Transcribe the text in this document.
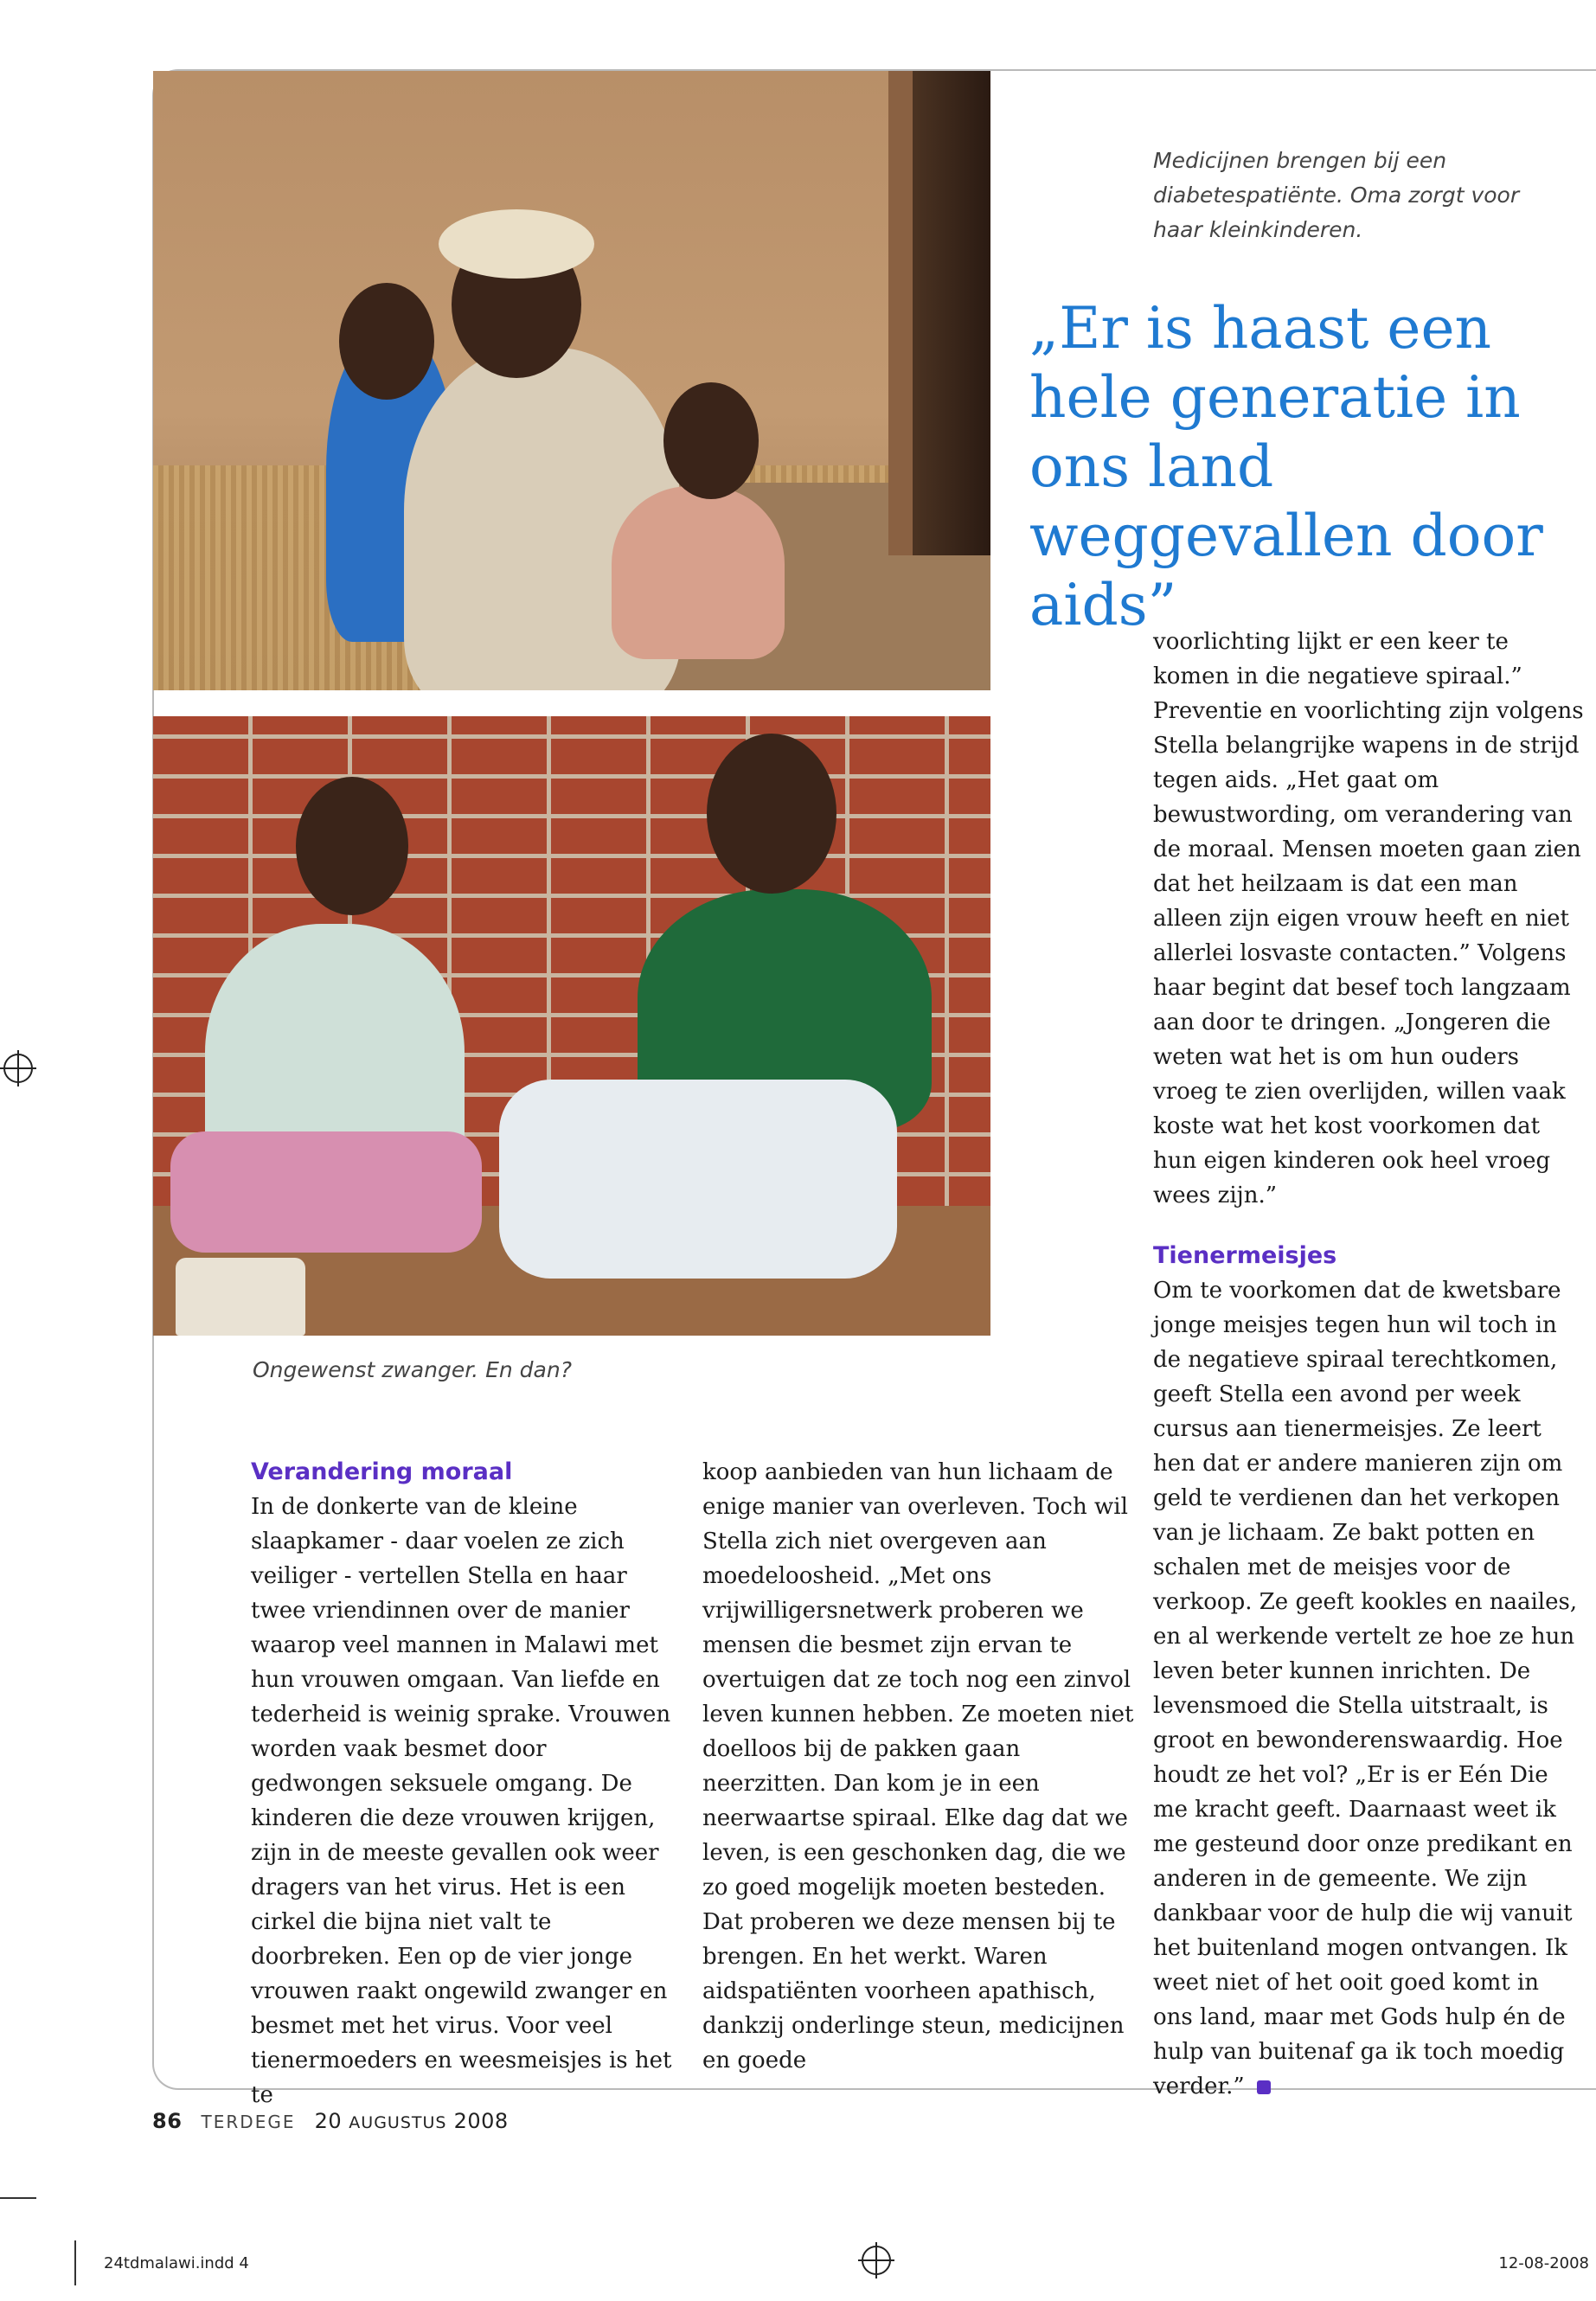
Medicijnen brengen bij een diabetespatiënte. Oma zorgt voor haar kleinkinderen.
Ongewenst zwanger. En dan?
„Er is haast een hele generatie in ons land weggevallen door aids”
Verandering moraal

In de donkerte van de kleine slaapkamer - daar voelen ze zich veiliger - vertellen Stella en haar twee vriendinnen over de manier waarop veel mannen in Malawi met hun vrouwen omgaan. Van liefde en tederheid is weinig sprake. Vrouwen worden vaak besmet door gedwongen seksuele omgang. De kinderen die deze vrouwen krijgen, zijn in de meeste gevallen ook weer dragers van het virus. Het is een cirkel die bijna niet valt te doorbreken. Een op de vier jonge vrouwen raakt ongewild zwanger en besmet met het virus. Voor veel tienermoeders en weesmeisjes is het te

koop aanbieden van hun lichaam de enige manier van overleven. Toch wil Stella zich niet overgeven aan moedeloosheid. „Met ons vrijwilligersnetwerk proberen we mensen die besmet zijn ervan te overtuigen dat ze toch nog een zinvol leven kunnen hebben. Ze moeten niet doelloos bij de pakken gaan neerzitten. Dan kom je in een neerwaartse spiraal. Elke dag dat we leven, is een geschonken dag, die we zo goed mogelijk moeten besteden. Dat proberen we deze mensen bij te brengen. En het werkt. Waren aidspatiënten voorheen apathisch, dankzij onderlinge steun, medicijnen en goede

voorlichting lijkt er een keer te komen in die negatieve spiraal.” Preventie en voorlichting zijn volgens Stella belangrijke wapens in de strijd tegen aids. „Het gaat om bewustwording, om verandering van de moraal. Mensen moeten gaan zien dat het heilzaam is dat een man alleen zijn eigen vrouw heeft en niet allerlei losvaste contacten.” Volgens haar begint dat besef toch langzaam aan door te dringen. „Jongeren die weten wat het is om hun ouders vroeg te zien overlijden, willen vaak koste wat het kost voorkomen dat hun eigen kinderen ook heel vroeg wees zijn.”

Tienermeisjes

Om te voorkomen dat de kwetsbare jonge meisjes tegen hun wil toch in de negatieve spiraal terechtkomen, geeft Stella een avond per week cursus aan tienermeisjes. Ze leert hen dat er andere manieren zijn om geld te verdienen dan het verkopen van je lichaam. Ze bakt potten en schalen met de meisjes voor de verkoop. Ze geeft kookles en naailes, en al werkende vertelt ze hoe ze hun leven beter kunnen inrichten. De levensmoed die Stella uitstraalt, is groot en bewonderenswaardig. Hoe houdt ze het vol? „Er is er Eén Die me kracht geeft. Daarnaast weet ik me gesteund door onze predikant en anderen in de gemeente. We zijn dankbaar voor de hulp die wij vanuit het buitenland mogen ontvangen. Ik weet niet of het ooit goed komt in ons land, maar met Gods hulp én de hulp van buitenaf ga ik toch moedig verder.”

86 TERDEGE 20 AUGUSTUS 2008
24tdmalawi.indd 4	12-08-2008
